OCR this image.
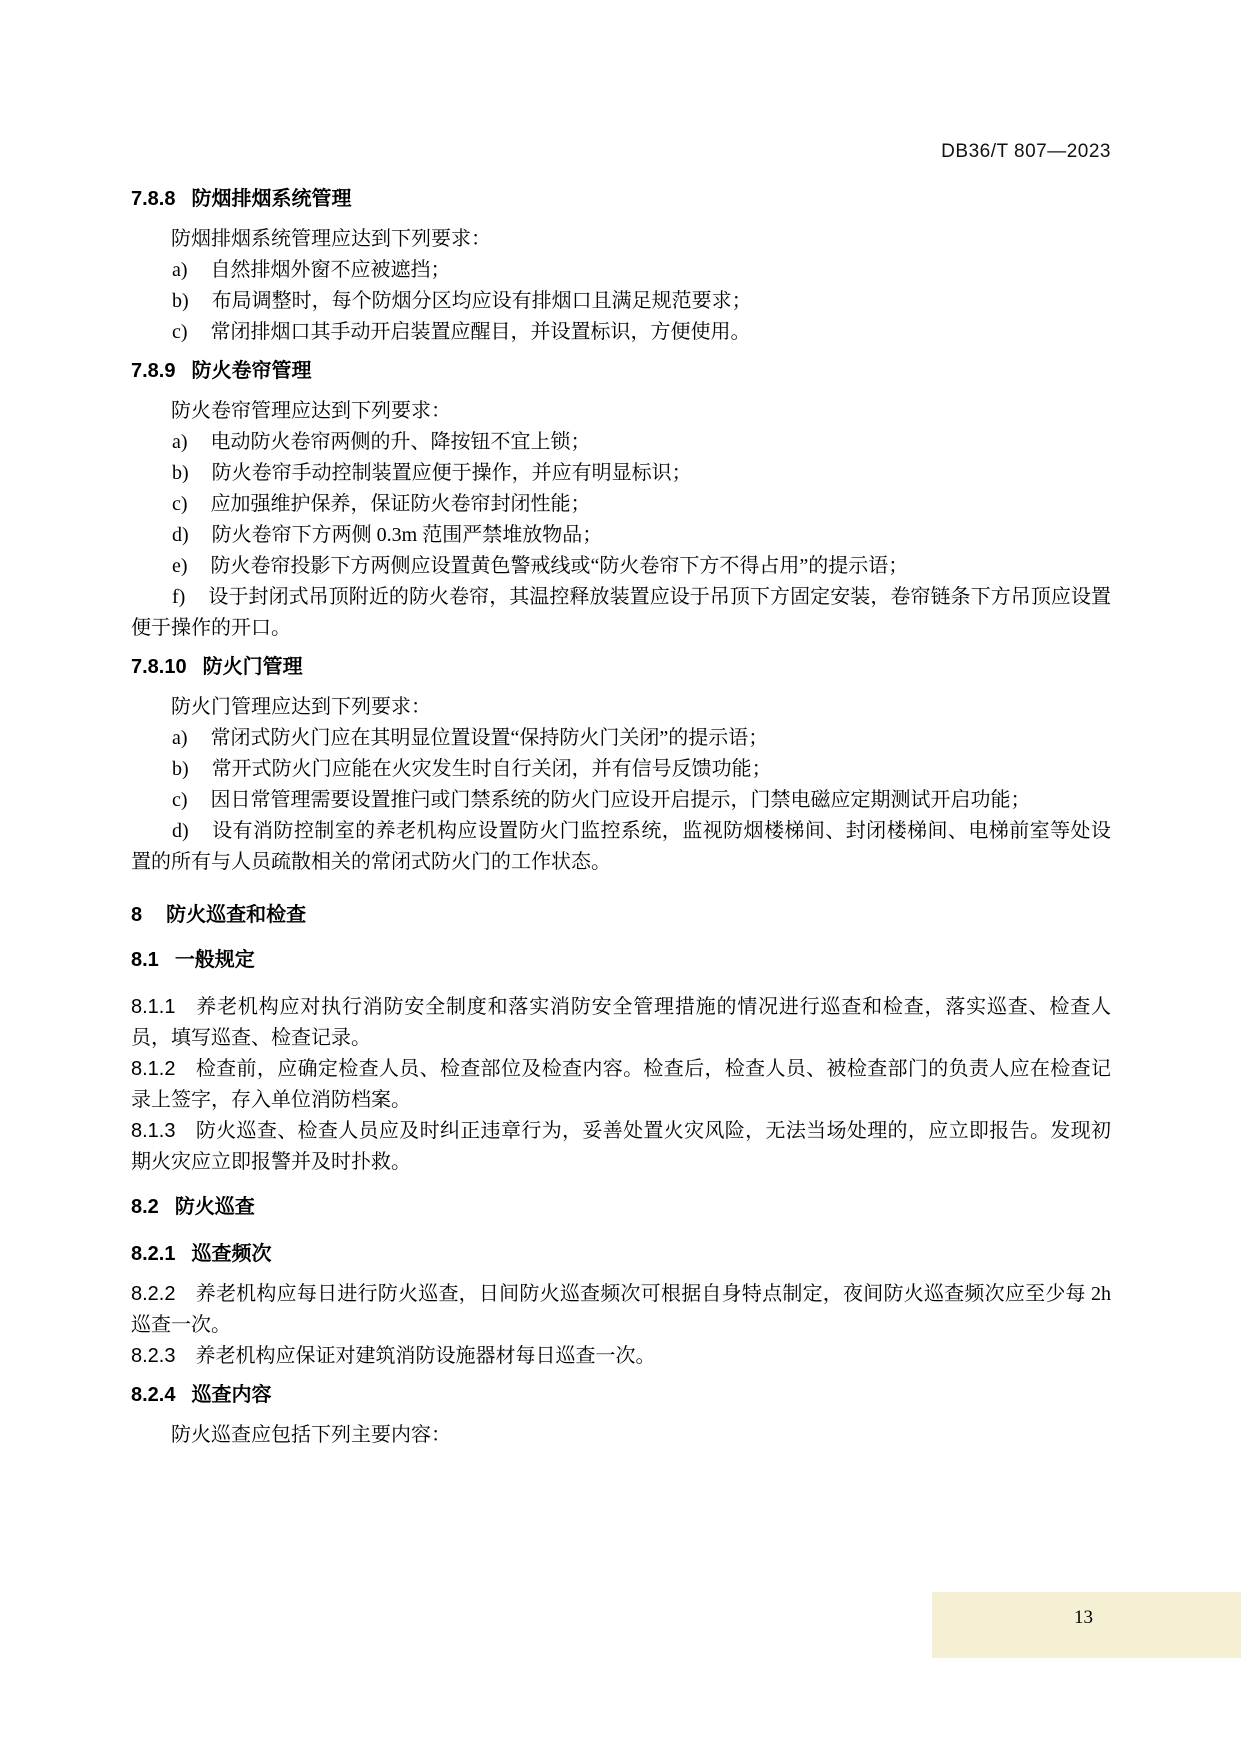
DB36/T 807—2023
7.8.8 防烟排烟系统管理

防烟排烟系统管理应达到下列要求：

a) 自然排烟外窗不应被遮挡；

b) 布局调整时，每个防烟分区均应设有排烟口且满足规范要求；

c) 常闭排烟口其手动开启装置应醒目，并设置标识，方便使用。

7.8.9 防火卷帘管理

防火卷帘管理应达到下列要求：

a) 电动防火卷帘两侧的升、降按钮不宜上锁；

b) 防火卷帘手动控制装置应便于操作，并应有明显标识；

c) 应加强维护保养，保证防火卷帘封闭性能；

d) 防火卷帘下方两侧 0.3m 范围严禁堆放物品；

e) 防火卷帘投影下方两侧应设置黄色警戒线或“防火卷帘下方不得占用”的提示语；

f) 设于封闭式吊顶附近的防火卷帘，其温控释放装置应设于吊顶下方固定安装，卷帘链条下方吊顶应设置便于操作的开口。

7.8.10 防火门管理

防火门管理应达到下列要求：

a) 常闭式防火门应在其明显位置设置“保持防火门关闭”的提示语；

b) 常开式防火门应能在火灾发生时自行关闭，并有信号反馈功能；

c) 因日常管理需要设置推闩或门禁系统的防火门应设开启提示，门禁电磁应定期测试开启功能；

d) 设有消防控制室的养老机构应设置防火门监控系统，监视防烟楼梯间、封闭楼梯间、电梯前室等处设置的所有与人员疏散相关的常闭式防火门的工作状态。

8 防火巡查和检查
8.1 一般规定

8.1.1 养老机构应对执行消防安全制度和落实消防安全管理措施的情况进行巡查和检查，落实巡查、检查人员，填写巡查、检查记录。

8.1.2 检查前，应确定检查人员、检查部位及检查内容。检查后，检查人员、被检查部门的负责人应在检查记录上签字，存入单位消防档案。

8.1.3 防火巡查、检查人员应及时纠正违章行为，妥善处置火灾风险，无法当场处理的，应立即报告。发现初期火灾应立即报警并及时扑救。

8.2 防火巡查
8.2.1 巡查频次

8.2.2 养老机构应每日进行防火巡查，日间防火巡查频次可根据自身特点制定，夜间防火巡查频次应至少每 2h 巡查一次。

8.2.3 养老机构应保证对建筑消防设施器材每日巡查一次。

8.2.4 巡查内容

防火巡查应包括下列主要内容：

13
